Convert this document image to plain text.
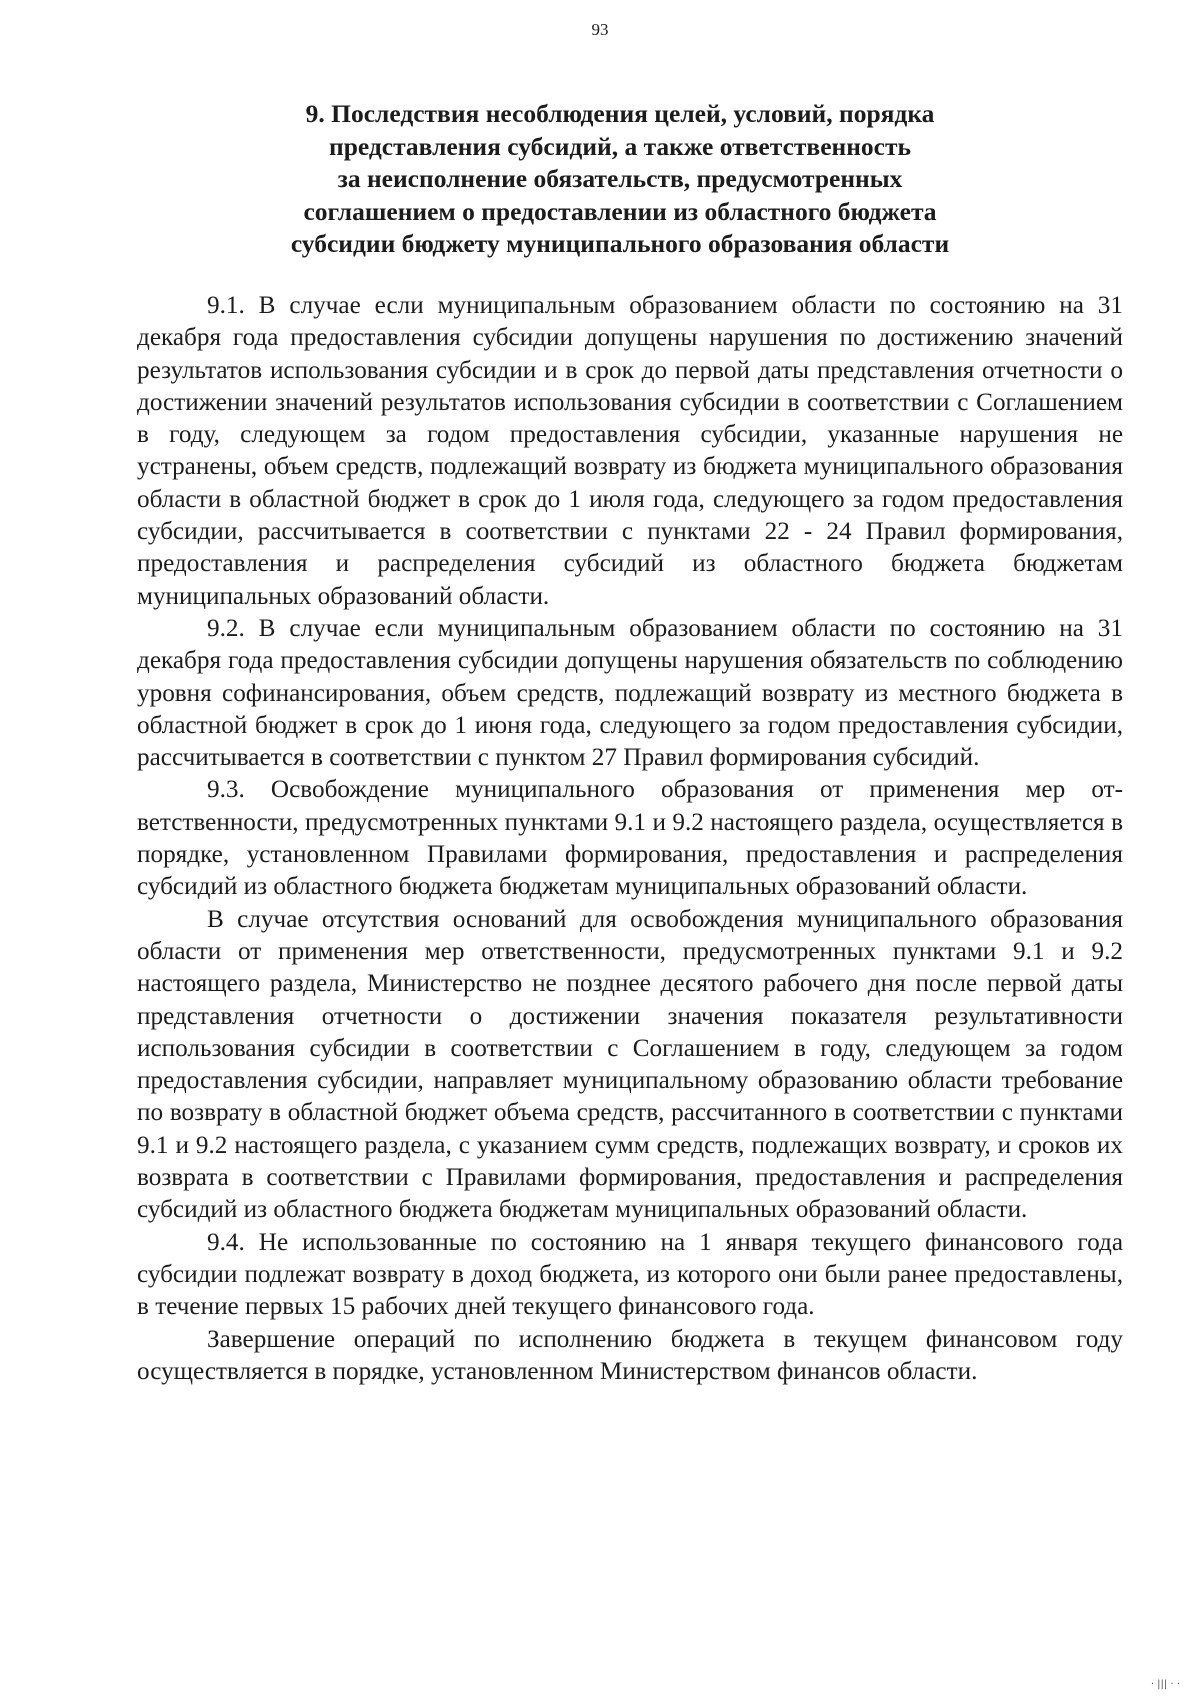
93

9. Последствия несоблюдения целей, условий, порядка
представления субсидий, а также ответственность
за неисполнение обязательств, предусмотренных
соглашением о предоставлении из областного бюджета
субсидии бюджету муниципального образования области

9.1. В случае если муниципальным образованием области по состоянию на 31 декабря года предоставления субсидии допущены нарушения по достижению значений результатов использования субсидии и в срок до первой даты представления отчетности о достижении значений результатов использования субсидии в соответствии с Соглашением в году, следующем за годом предоставления субсидии, указанные нарушения не устранены, объем средств, подлежащий возврату из бюджета муниципального образования области в областной бюджет в срок до 1 июля года, следующего за годом предоставления субсидии, рассчитывается в соответствии с пунктами 22 - 24 Правил формирования, предоставления и распределения субсидий из областного бюджета бюджетам муниципальных образований области.

9.2. В случае если муниципальным образованием области по состоянию на 31 декабря года предоставления субсидии допущены нарушения обязательств по соблюдению уровня софинансирования, объем средств, подлежащий возврату из местного бюджета в областной бюджет в срок до 1 июня года, следующего за годом предоставления субсидии, рассчитывается в соответствии с пунктом 27 Правил формирования субсидий.

9.3. Освобождение муниципального образования от применения мер ответственности, предусмотренных пунктами 9.1 и 9.2 настоящего раздела, осуществляется в порядке, установленном Правилами формирования, предоставления и распределения субсидий из областного бюджета бюджетам муниципальных образований области.

В случае отсутствия оснований для освобождения муниципального образования области от применения мер ответственности, предусмотренных пунктами 9.1 и 9.2 настоящего раздела, Министерство не позднее десятого рабочего дня после первой даты представления отчетности о достижении значения показателя результативности использования субсидии в соответствии с Соглашением в году, следующем за годом предоставления субсидии, направляет муниципальному образованию области требование по возврату в областной бюджет объема средств, рассчитанного в соответствии с пунктами 9.1 и 9.2 настоящего раздела, с указанием сумм средств, подлежащих возврату, и сроков их возврата в соответствии с Правилами формирования, предоставления и распределения субсидий из областного бюджета бюджетам муниципальных образований области.

9.4. Не использованные по состоянию на 1 января текущего финансового года субсидии подлежат возврату в доход бюджета, из которого они были ранее предоставлены, в течение первых 15 рабочих дней текущего финансового года.

Завершение операций по исполнению бюджета в текущем финансовом году осуществляется в порядке, установленном Министерством финансов области.

· ||| · ·
